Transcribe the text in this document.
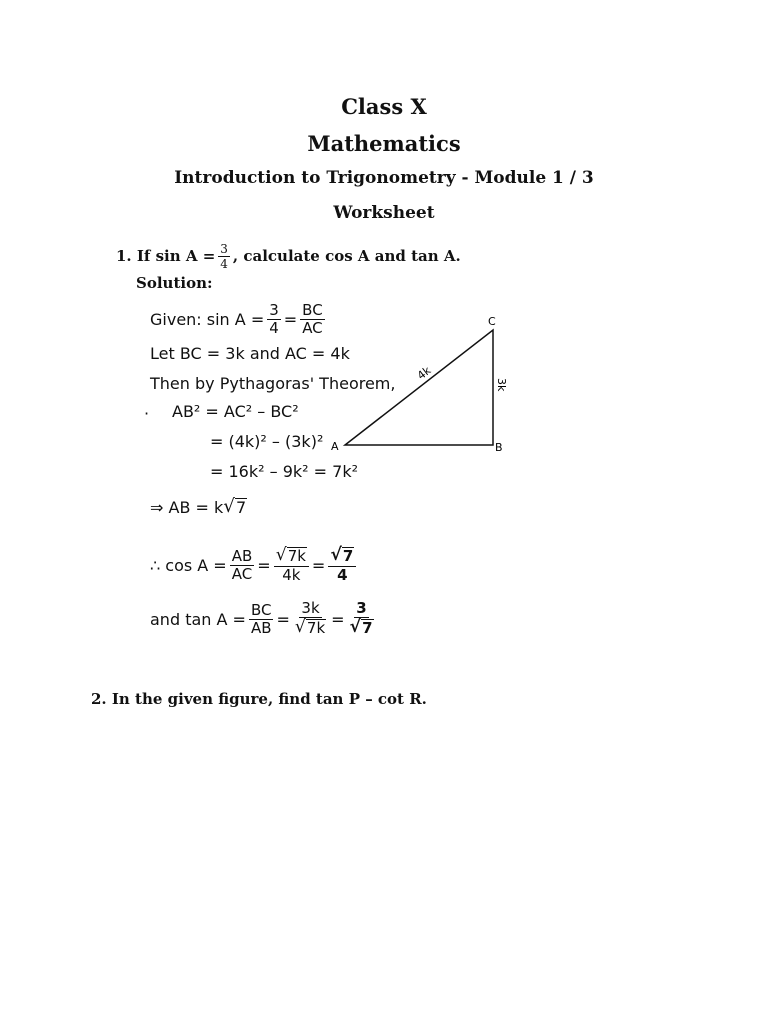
Class X

Mathematics

Introduction to Trigonometry - Module 1 / 3

Worksheet

1. If $\sin A = \frac{3}{4}$ , calculate cos A and tan A.
Solution:
Given: $\sin A = \frac{3}{4} = \frac{BC}{AC}$
Let BC = 3k and AC = 4k
Then by Pythagoras' Theorem,
· AB² = AC² – BC²
= (4k)² – (3k)²
= 16k² – 9k² = 7k²
⇒ AB = k √ 7
∴ $\cos A = \frac{AB}{AC} = \frac{√ 7k}{4k} = \frac{√ 7}{4}$
and $\tan A = \frac{BC}{AB} = \frac{3k}{√ 7k} = \frac{3}{√ 7}$
A	B
C
4k
3k
2. In the given figure, find tan P – cot R.
